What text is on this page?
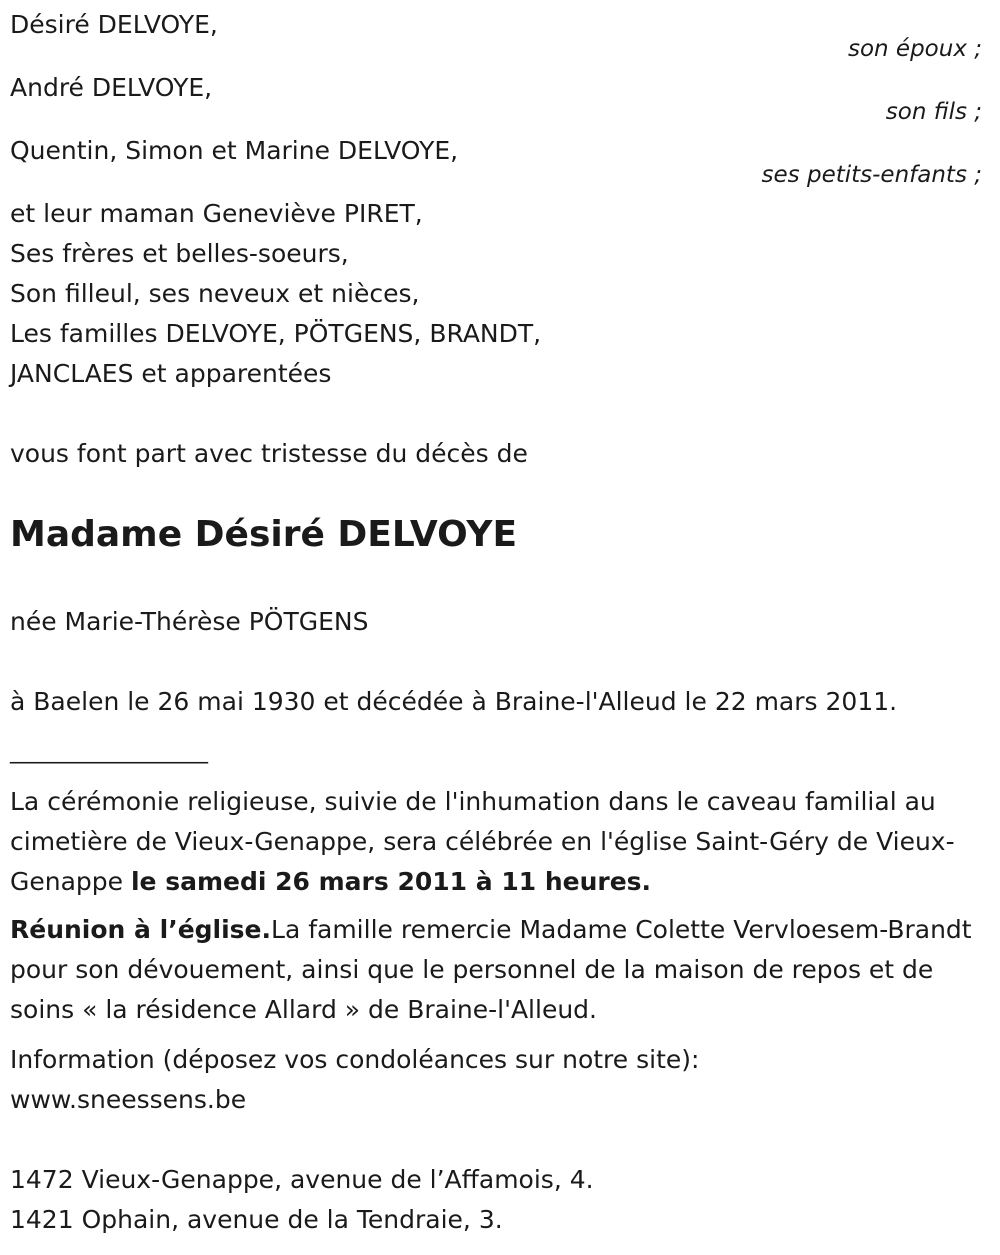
Désiré DELVOYE,
son époux ;
André DELVOYE,
son fils ;
Quentin, Simon et Marine DELVOYE,
ses petits-enfants ;
et leur maman Geneviève PIRET,
Ses frères et belles-soeurs,
Son filleul, ses neveux et nièces,
Les familles DELVOYE, PÖTGENS, BRANDT,
JANCLAES et apparentées
vous font part avec tristesse du décès de
Madame Désiré DELVOYE
née Marie-Thérèse PÖTGENS
à Baelen le 26 mai 1930 et décédée à Braine-l'Alleud le 22 mars 2011.
__________________

La cérémonie religieuse, suivie de l'inhumation dans le caveau familial au cimetière de Vieux-Genappe, sera célébrée en l'église Saint-Géry de Vieux-Genappe le samedi 26 mars 2011 à 11 heures.

Réunion à l’église.La famille remercie Madame Colette Vervloesem-Brandt pour son dévouement, ainsi que le personnel de la maison de repos et de soins « la résidence Allard » de Braine-l'Alleud.

Information (déposez vos condoléances sur notre site):
www.sneessens.be
1472 Vieux-Genappe, avenue de l’Affamois, 4.
1421 Ophain, avenue de la Tendraie, 3.
